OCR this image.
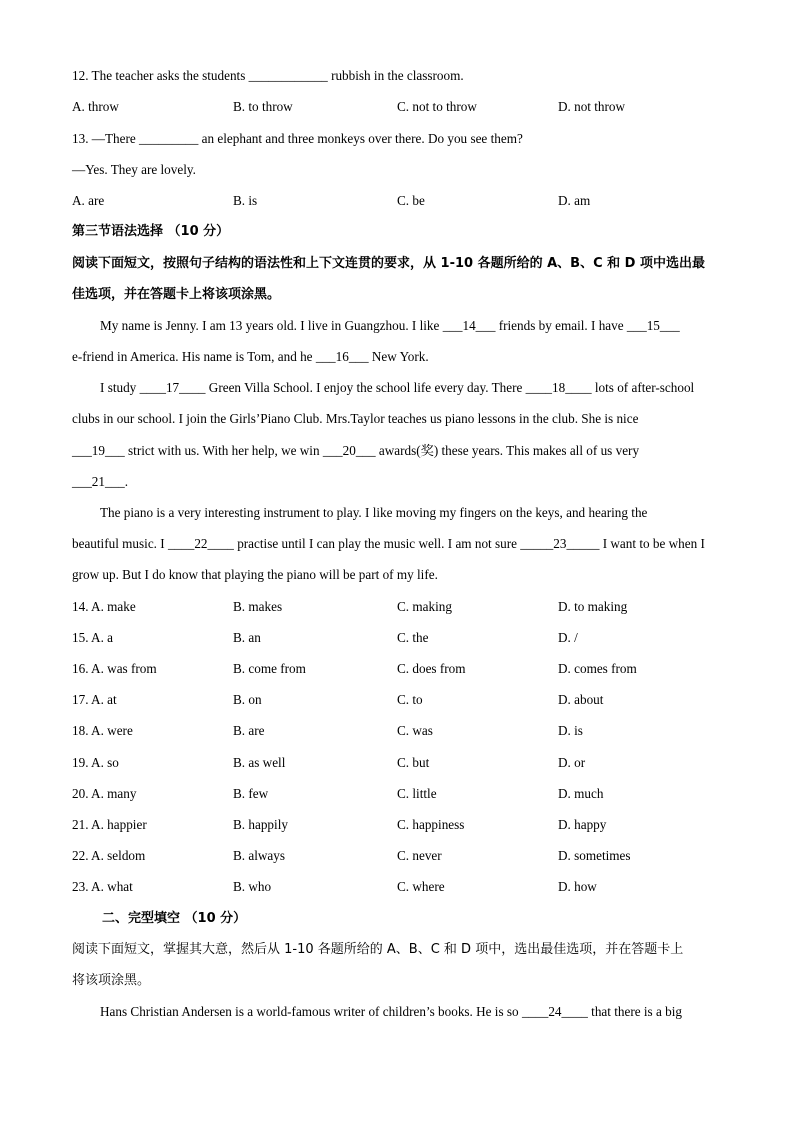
12. The teacher asks the students ____________ rubbish in the classroom.
A. throw	B. to throw	C. not to throw	D. not throw
13. —There _________ an elephant and three monkeys over there. Do you see them?
—Yes. They are lovely.
A. are	B. is	C. be	D. am
第三节语法选择 （10 分）
阅读下面短文，按照句子结构的语法性和上下文连贯的要求，从 1-10 各题所给的 A、B、C 和 D 项中选出最
佳选项，并在答题卡上将该项涂黑。
My name is Jenny. I am 13 years old. I live in Guangzhou. I like ___14___ friends by email. I have ___15___
e-friend in America. His name is Tom, and he ___16___ New York.
I study ____17____ Green Villa School. I enjoy the school life every day. There ____18____ lots of after-school
clubs in our school. I join the Girls’Piano Club. Mrs.Taylor teaches us piano lessons in the club. She is nice
___19___ strict with us. With her help, we win ___20___ awards(奖) these years. This makes all of us very
___21___.
The piano is a very interesting instrument to play. I like moving my fingers on the keys, and hearing the
beautiful music. I ____22____ practise until I can play the music well. I am not sure _____23_____ I want to be when I
grow up. But I do know that playing the piano will be part of my life.
14. A. make	B. makes	C. making	D. to making
15. A. a	B. an	C. the	D. /
16. A. was from	B. come from	C. does from	D. comes from
17. A. at	B. on	C. to	D. about
18. A. were	B. are	C. was	D. is
19. A. so	B. as well	C. but	D. or
20. A. many	B. few	C. little	D. much
21. A. happier	B. happily	C. happiness	D. happy
22. A. seldom	B. always	C. never	D. sometimes
23. A. what	B. who	C. where	D. how
二、完型填空 （10 分）
阅读下面短文，掌握其大意，然后从 1-10 各题所给的 A、B、C 和 D 项中，选出最佳选项，并在答题卡上
将该项涂黑。
Hans Christian Andersen is a world-famous writer of children’s books. He is so ____24____ that there is a big
